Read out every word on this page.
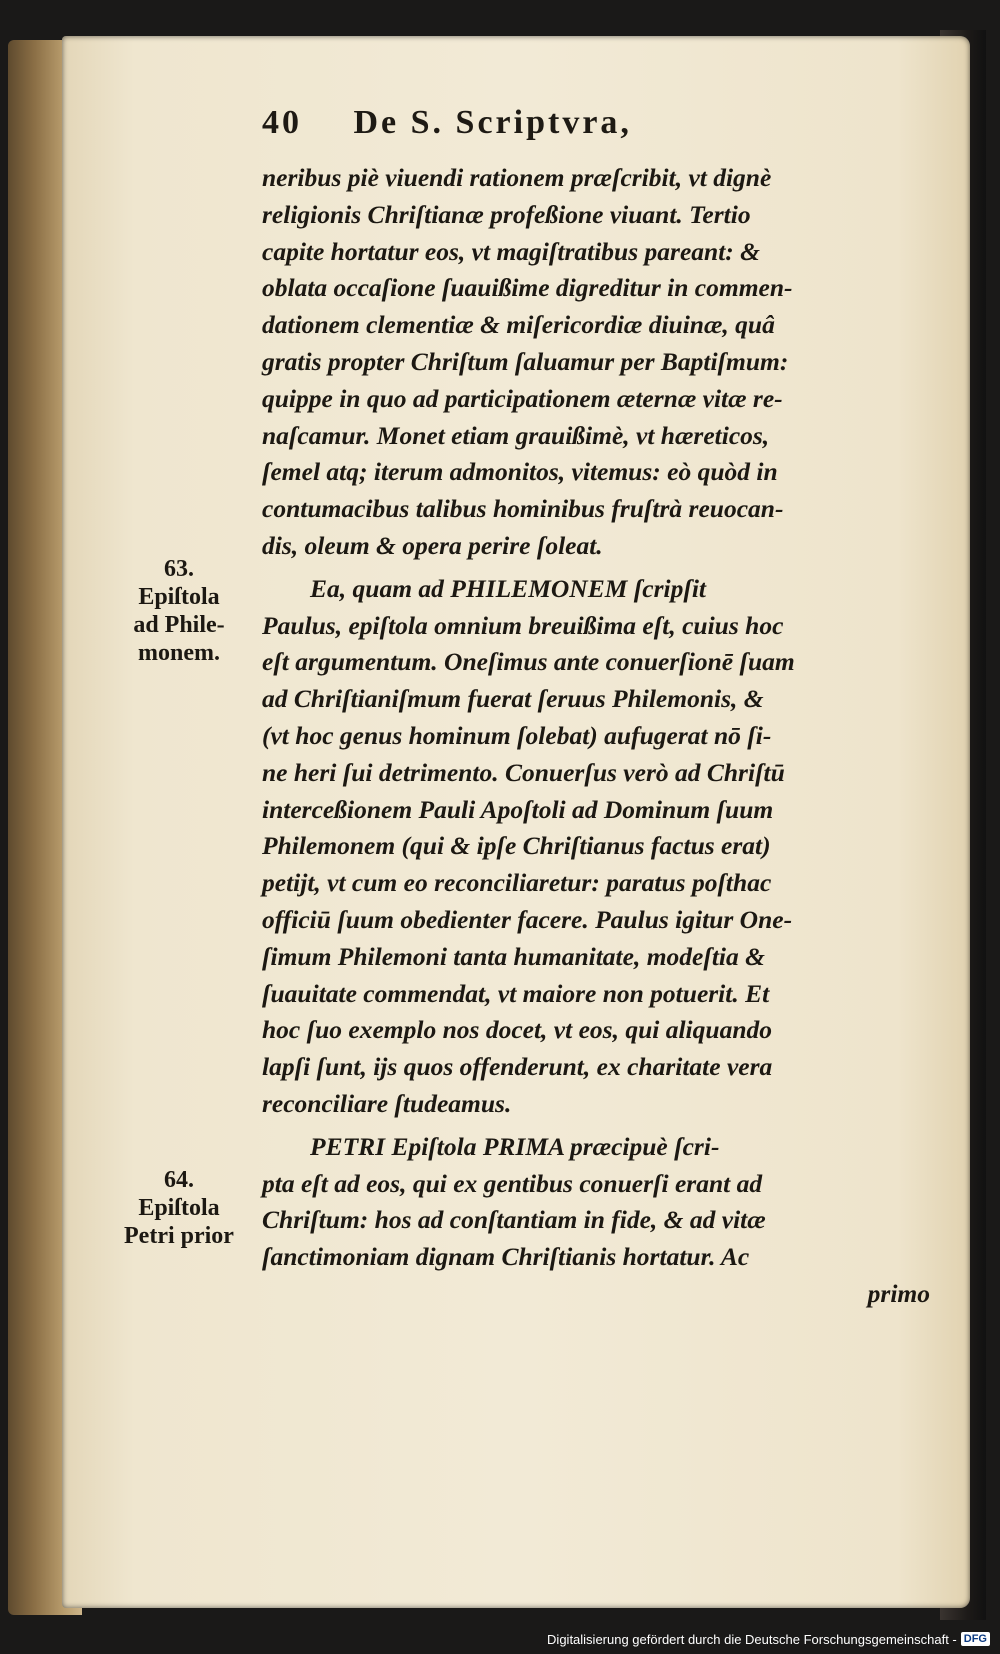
40 De S. Scriptvra,
63.
Epiſtola
ad Phile-
monem.
64.
Epiſtola
Petri prior
neribus piè viuendi rationem præſcribit, vt dignè
religionis Chriſtianæ profeßione viuant. Tertio
capite hortatur eos, vt magiſtratibus pareant: &
oblata occaſione ſuauißime digreditur in commen-
dationem clementiæ & miſericordiæ diuinæ, quâ
gratis propter Chriſtum ſaluamur per Baptiſmum:
quippe in quo ad participationem æternæ vitæ re-
naſcamur. Monet etiam grauißimè, vt hæreticos,
ſemel atq; iterum admonitos, vitemus: eò quòd in
contumacibus talibus hominibus fruſtrà reuocan-
dis, oleum & operа perire ſoleat.
Ea, quam ad PHILEMONEM ſcripſit
Paulus, epiſtola omnium breuißima eſt, cuius hoc
eſt argumentum. Oneſimus ante conuerſionē ſuam
ad Chriſtianiſmum fuerat ſeruus Philemonis, &
(vt hoc genus hominum ſolebat) aufugerat nō ſi-
ne heri ſui detrimento. Conuerſus verò ad Chriſtū
interceßionem Pauli Apoſtoli ad Dominum ſuum
Philemonem (qui & ipſe Chriſtianus factus erat)
petijt, vt cum eo reconciliaretur: paratus poſthac
officiū ſuum obedienter facere. Paulus igitur One-
ſimum Philemoni tanta humanitate, modeſtia &
ſuauitate commendat, vt maiore non potuerit. Et
hoc ſuo exemplo nos docet, vt eos, qui aliquando
lapſi ſunt, ijs quos offenderunt, ex charitate vera
reconciliare ſtudeamus.
PETRI Epiſtola PRIMA præcipuè ſcri-
pta eſt ad eos, qui ex gentibus conuerſi erant ad
Chriſtum: hos ad conſtantiam in fide, & ad vitæ
ſanctimoniam dignam Chriſtianis hortatur. Ac
primo
Digitalisierung gefördert durch die Deutsche Forschungsgemeinschaft - DFG
